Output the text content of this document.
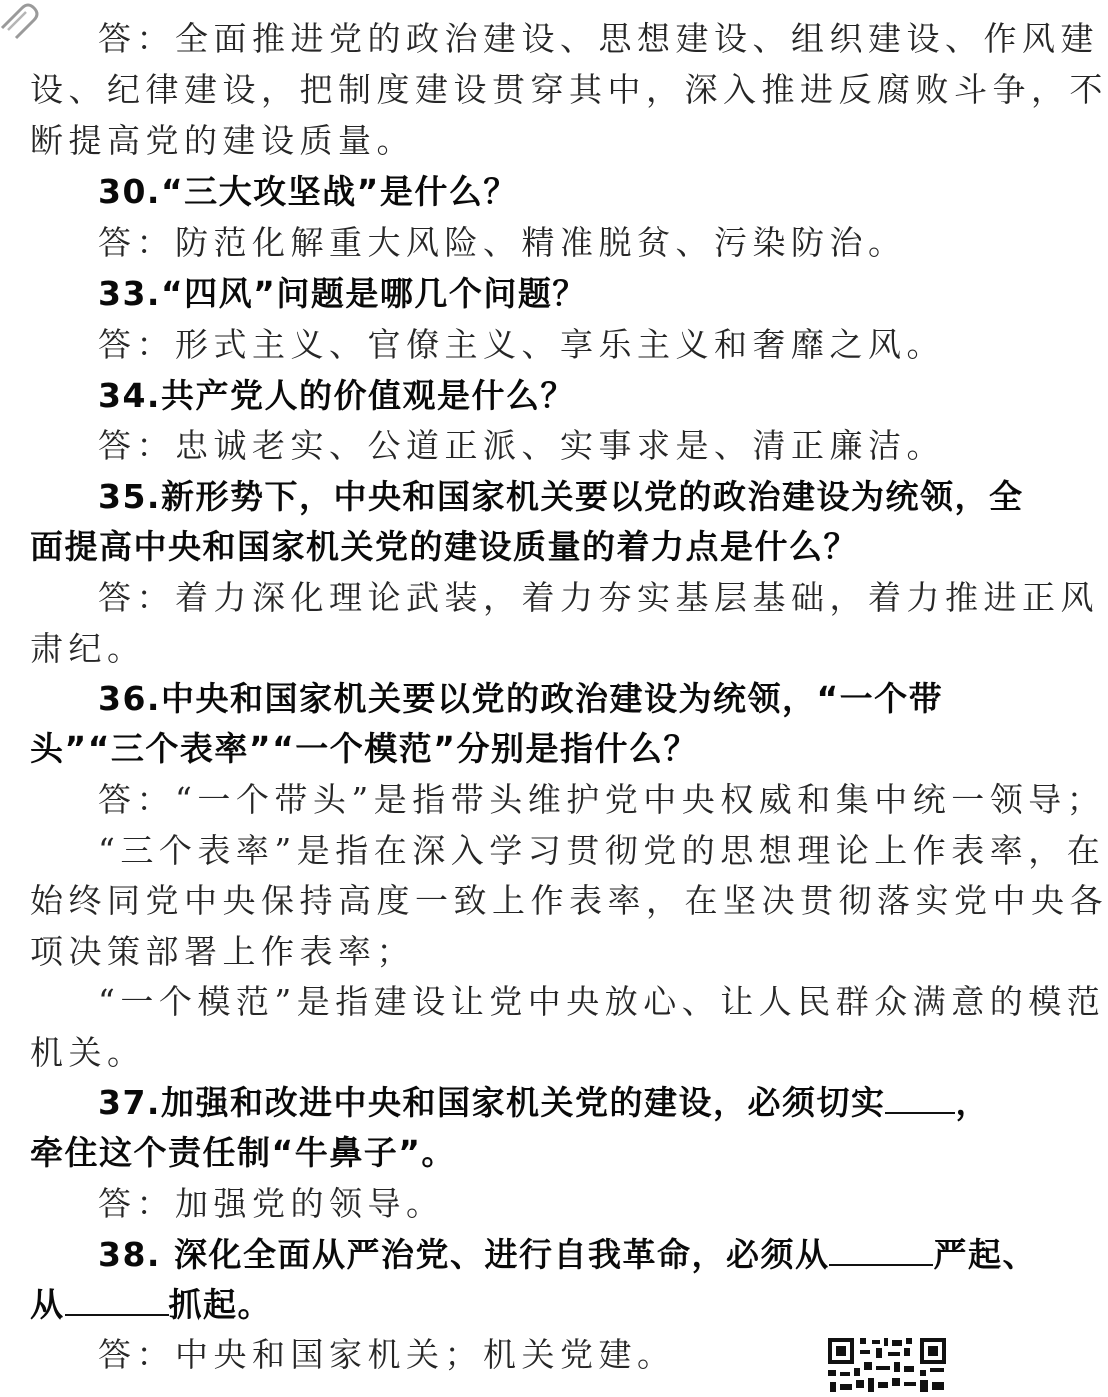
答：全面推进党的政治建设、思想建设、组织建设、作风建
设、纪律建设，把制度建设贯穿其中，深入推进反腐败斗争，不
断提高党的建设质量。
30.“三大攻坚战”是什么？
答：防范化解重大风险、精准脱贫、污染防治。
33.“四风”问题是哪几个问题？
答：形式主义、官僚主义、享乐主义和奢靡之风。
34.共产党人的价值观是什么？
答：忠诚老实、公道正派、实事求是、清正廉洁。
35.新形势下，中央和国家机关要以党的政治建设为统领，全
面提高中央和国家机关党的建设质量的着力点是什么？
答：着力深化理论武装，着力夯实基层基础，着力推进正风
肃纪。
36.中央和国家机关要以党的政治建设为统领，“一个带
头”“三个表率”“一个模范”分别是指什么？
答：“一个带头”是指带头维护党中央权威和集中统一领导；
“三个表率”是指在深入学习贯彻党的思想理论上作表率，在
始终同党中央保持高度一致上作表率，在坚决贯彻落实党中央各
项决策部署上作表率；
“一个模范”是指建设让党中央放心、让人民群众满意的模范
机关。
37.加强和改进中央和国家机关党的建设，必须切实 ，
牵住这个责任制“牛鼻子”。
答：加强党的领导。
38. 深化全面从严治党、进行自我革命，必须从	严起、
从	抓起。
答：中央和国家机关；机关党建。
